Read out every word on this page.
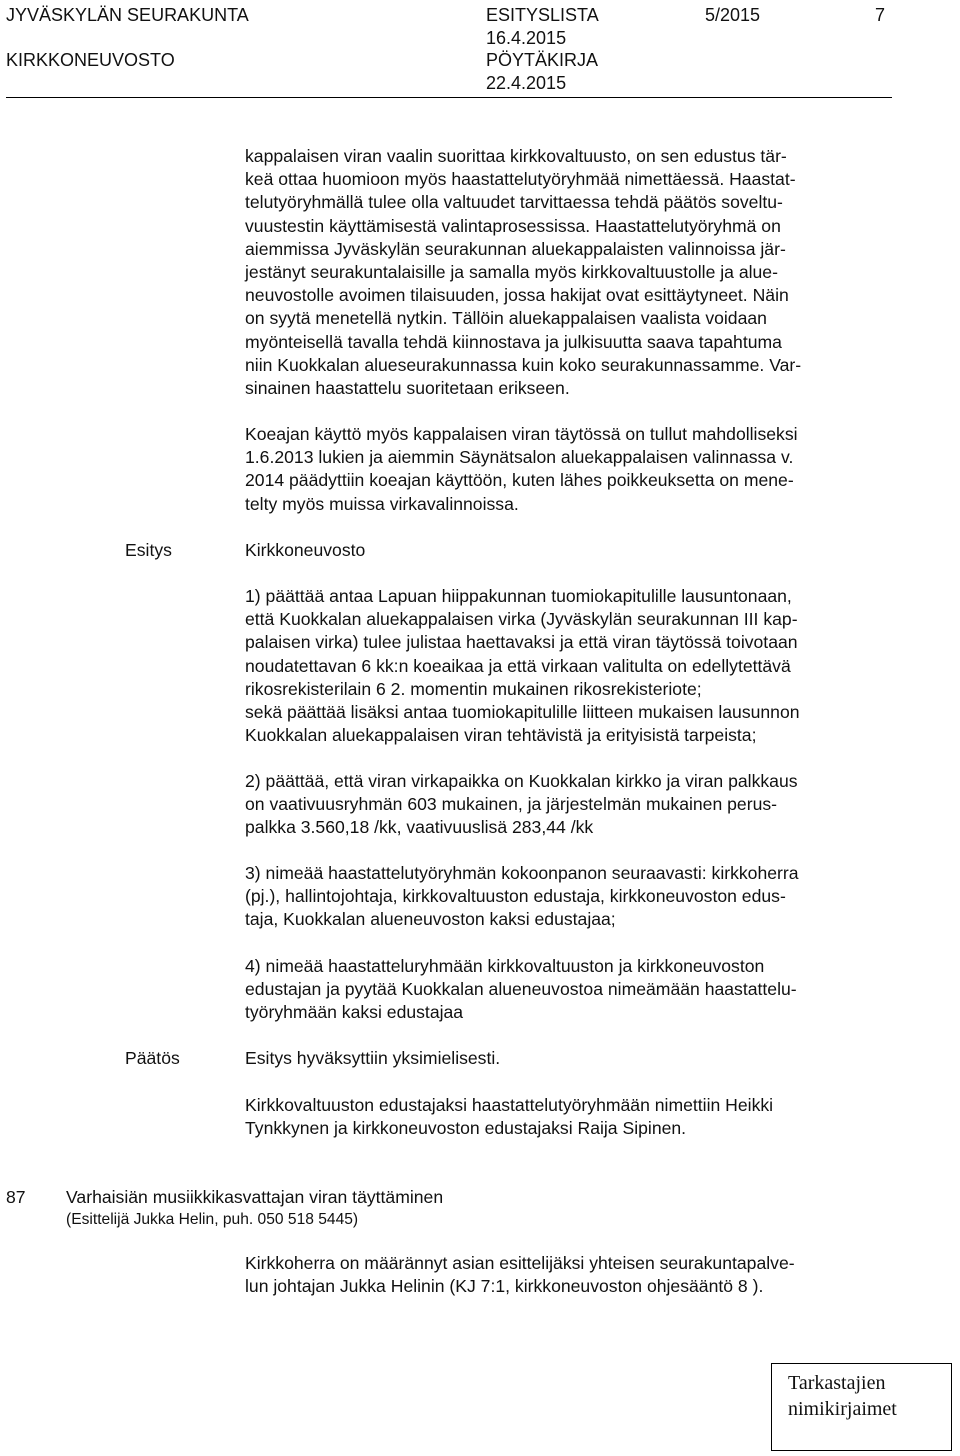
JYVÄSKYLÄN SEURAKUNTA	ESITYSLISTA	5/2015	7
KIRKKONEUVOSTO
16.4.2015
PÖYTÄKIRJA
22.4.2015
kappalaisen viran vaalin suorittaa kirkkovaltuusto, on sen edustus tär-
keä ottaa huomioon myös haastattelutyöryhmää nimettäessä. Haastat-
telutyöryhmällä tulee olla valtuudet tarvittaessa tehdä päätös soveltu-
vuustestin käyttämisestä valintaprosessissa. Haastattelutyöryhmä on
aiemmissa Jyväskylän seurakunnan aluekappalaisten valinnoissa jär-
jestänyt seurakuntalaisille ja samalla myös kirkkovaltuustolle ja alue-
neuvostolle avoimen tilaisuuden, jossa hakijat ovat esittäytyneet. Näin
on syytä menetellä nytkin. Tällöin aluekappalaisen vaalista voidaan
myönteisellä tavalla tehdä kiinnostava ja julkisuutta saava tapahtuma
niin Kuokkalan alueseurakunnassa kuin koko seurakunnassamme. Var-
sinainen haastattelu suoritetaan erikseen.
Koeajan käyttö myös kappalaisen viran täytössä on tullut mahdolliseksi
1.6.2013 lukien ja aiemmin Säynätsalon aluekappalaisen valinnassa v.
2014 päädyttiin koeajan käyttöön, kuten lähes poikkeuksetta on mene-
telty myös muissa virkavalinnoissa.
Esitys	Kirkkoneuvosto
1) päättää antaa Lapuan hiippakunnan tuomiokapitulille lausuntonaan,
että Kuokkalan aluekappalaisen virka (Jyväskylän seurakunnan III kap-
palaisen virka) tulee julistaa haettavaksi ja että viran täytössä toivotaan
noudatettavan 6 kk:n koeaikaa ja että virkaan valitulta on edellytettävä
rikosrekisterilain 6 2. momentin mukainen rikosrekisteriote;
sekä päättää lisäksi antaa tuomiokapitulille liitteen mukaisen lausunnon
Kuokkalan aluekappalaisen viran tehtävistä ja erityisistä tarpeista;
2) päättää, että viran virkapaikka on Kuokkalan kirkko ja viran palkkaus
on vaativuusryhmän 603 mukainen, ja järjestelmän mukainen perus-
palkka 3.560,18 /kk, vaativuuslisä 283,44 /kk
3) nimeää haastattelutyöryhmän kokoonpanon seuraavasti: kirkkoherra
(pj.), hallintojohtaja, kirkkovaltuuston edustaja, kirkkoneuvoston edus-
taja, Kuokkalan alueneuvoston kaksi edustajaa;
4) nimeää haastatteluryhmään kirkkovaltuuston ja kirkkoneuvoston
edustajan ja pyytää Kuokkalan alueneuvostoa nimeämään haastattelu-
työryhmään kaksi edustajaa
Päätös	Esitys hyväksyttiin yksimielisesti.
Kirkkovaltuuston edustajaksi haastattelutyöryhmään nimettiin Heikki
Tynkkynen ja kirkkoneuvoston edustajaksi Raija Sipinen.
87 Varhaisiän musiikkikasvattajan viran täyttäminen
(Esittelijä Jukka Helin, puh. 050 518 5445)
Kirkkoherra on määrännyt asian esittelijäksi yhteisen seurakuntapalve-
lun johtajan Jukka Helinin (KJ 7:1, kirkkoneuvoston ohjesääntö 8 ).
Tarkastajien
nimikirjaimet
